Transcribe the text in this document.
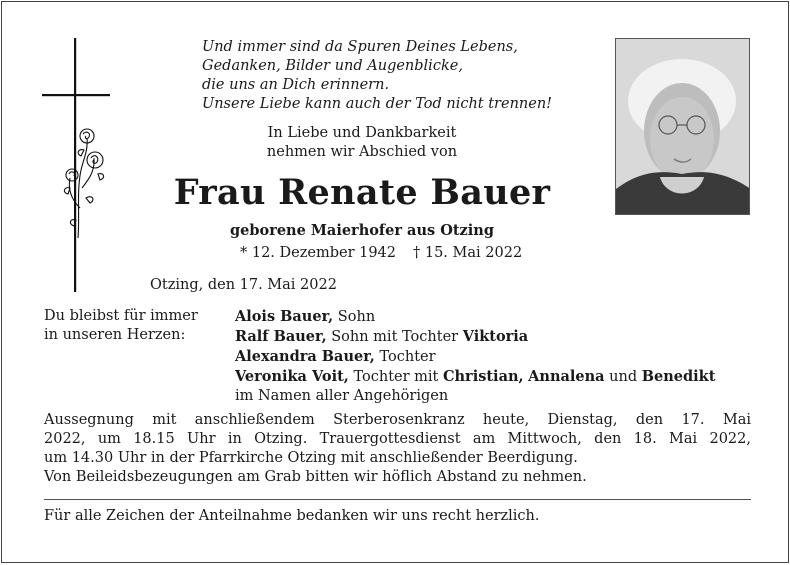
Und immer sind da Spuren Deines Lebens,
Gedanken, Bilder und Augenblicke,
die uns an Dich erinnern.
Unsere Liebe kann auch der Tod nicht trennen!
In Liebe und Dankbarkeit
nehmen wir Abschied von
Frau Renate Bauer
geborene Maierhofer aus Otzing
* 12. Dezember 1942 † 15. Mai 2022
Otzing, den 17. Mai 2022
Du bleibst für immer
in unseren Herzen:
Alois Bauer, Sohn
Ralf Bauer, Sohn mit Tochter Viktoria
Alexandra Bauer, Tochter
Veronika Voit, Tochter mit Christian, Annalena und Benedikt
im Namen aller Angehörigen
Aussegnung mit anschließendem Sterberosenkranz heute, Dienstag, den 17. Mai
2022, um 18.15 Uhr in Otzing. Trauergottesdienst am Mittwoch, den 18. Mai 2022,
um 14.30 Uhr in der Pfarrkirche Otzing mit anschließender Beerdigung.
Von Beileidsbezeugungen am Grab bitten wir höflich Abstand zu nehmen.
Für alle Zeichen der Anteilnahme bedanken wir uns recht herzlich.
